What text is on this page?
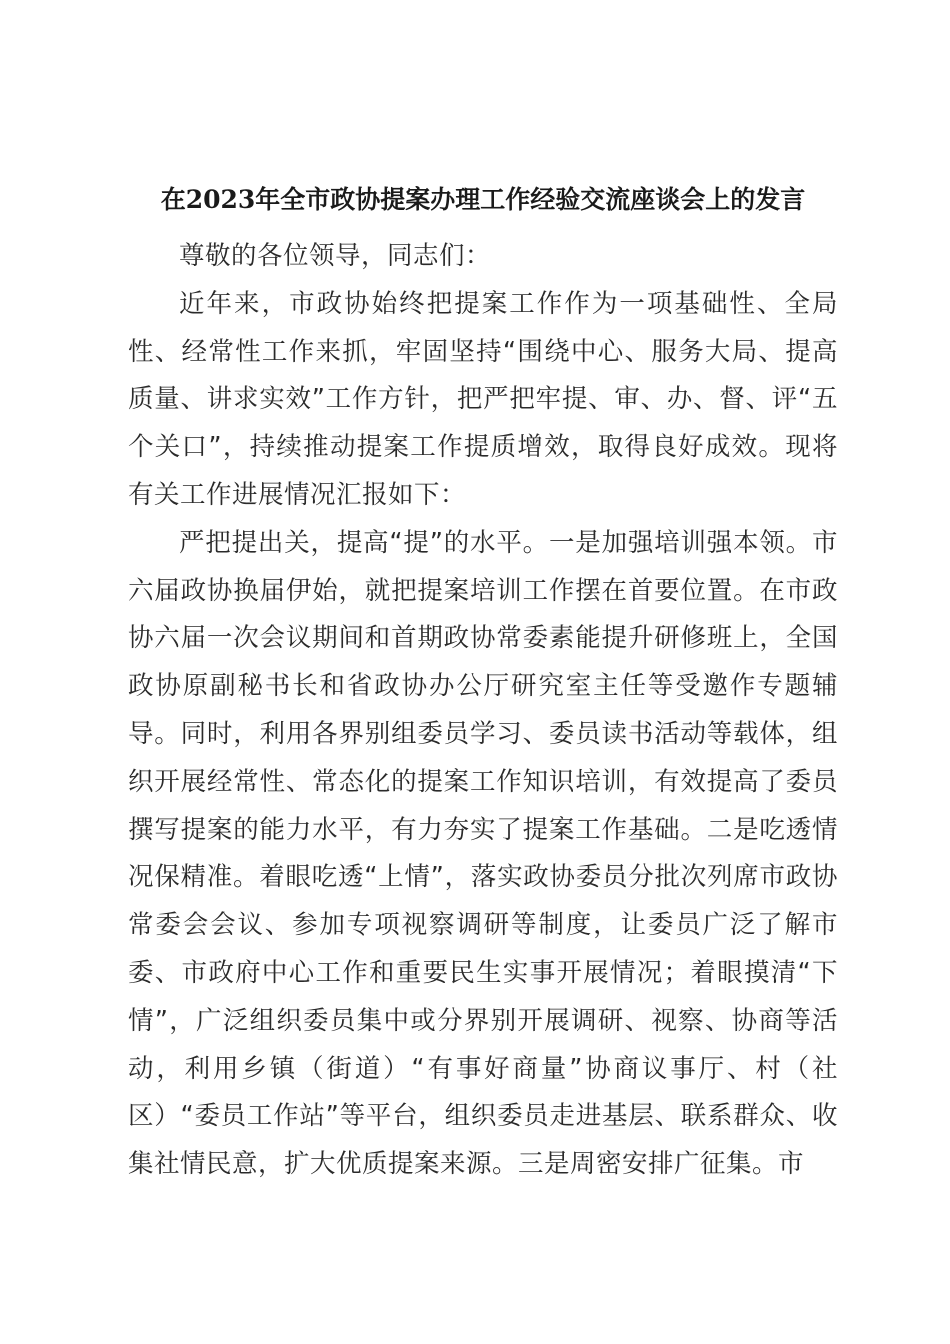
在2023年全市政协提案办理工作经验交流座谈会上的发言

尊敬的各位领导，同志们：

近年来，市政协始终把提案工作作为一项基础性、全局性、经常性工作来抓，牢固坚持“围绕中心、服务大局、提高质量、讲求实效”工作方针，把严把牢提、审、办、督、评“五个关口”，持续推动提案工作提质增效，取得良好成效。现将有关工作进展情况汇报如下：

严把提出关，提高“提”的水平。一是加强培训强本领。市六届政协换届伊始，就把提案培训工作摆在首要位置。在市政协六届一次会议期间和首期政协常委素能提升研修班上，全国政协原副秘书长和省政协办公厅研究室主任等受邀作专题辅导。同时，利用各界别组委员学习、委员读书活动等载体，组织开展经常性、常态化的提案工作知识培训，有效提高了委员撰写提案的能力水平，有力夯实了提案工作基础。二是吃透情况保精准。着眼吃透“上情”，落实政协委员分批次列席市政协常委会会议、参加专项视察调研等制度，让委员广泛了解市委、市政府中心工作和重要民生实事开展情况；着眼摸清“下情”，广泛组织委员集中或分界别开展调研、视察、协商等活动，利用乡镇（街道）“有事好商量”协商议事厅、村（社区）“委员工作站”等平台，组织委员走进基层、联系群众、收集社情民意，扩大优质提案来源。三是周密安排广征集。市
